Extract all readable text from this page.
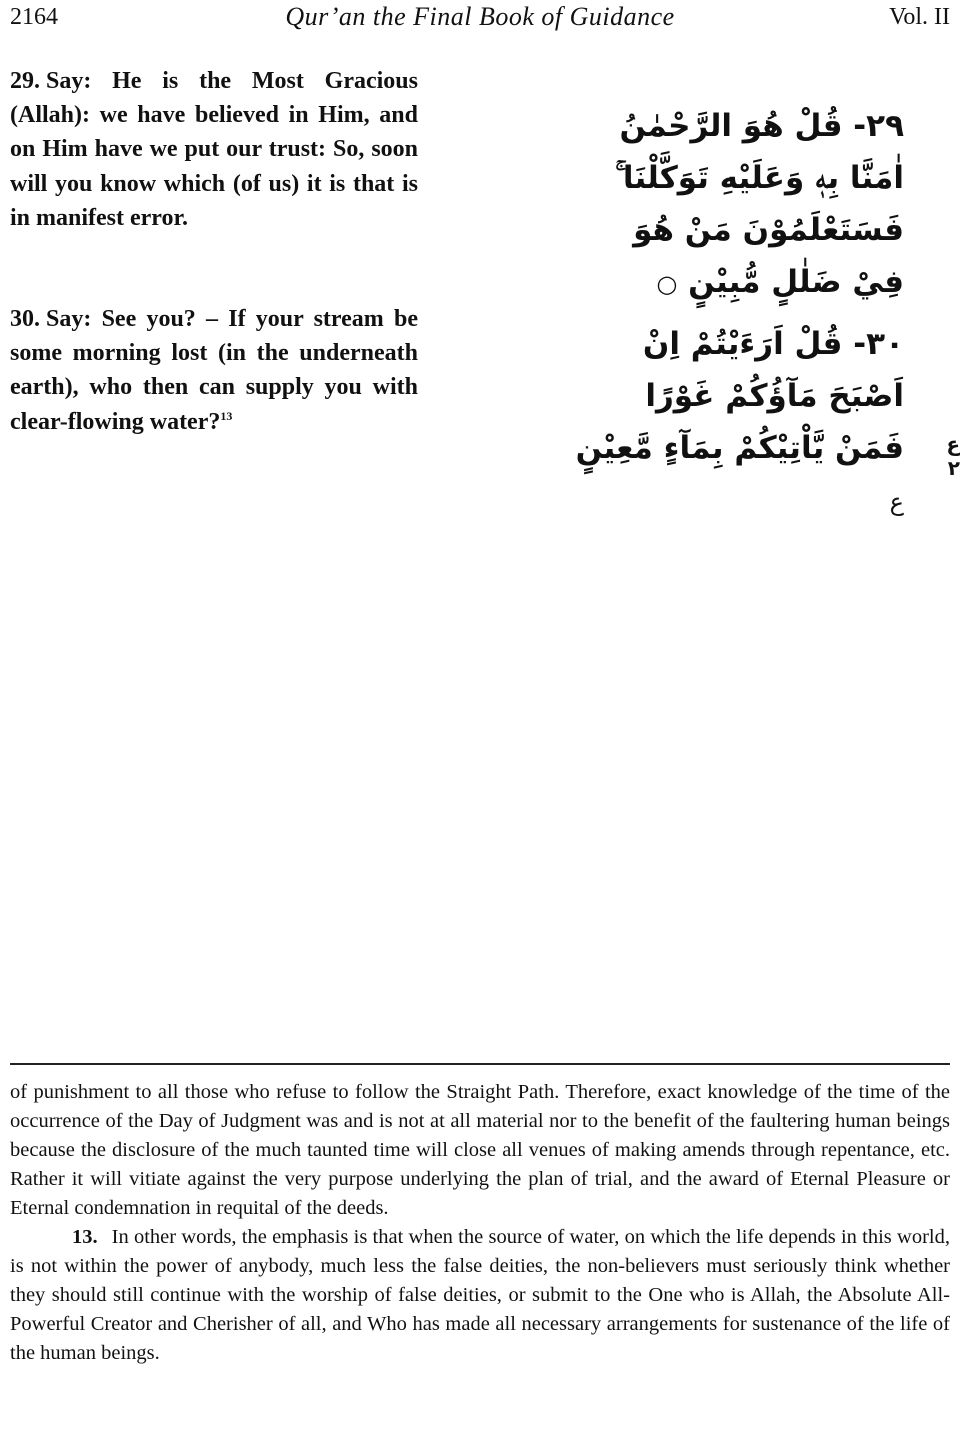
2164	Qur’an the Final Book of Guidance	Vol. II
29. Say: He is the Most Gracious (Allah): we have believed in Him, and on Him have we put our trust: So, soon will you know which (of us) it is that is in manifest error.
٢٩- قُلْ هُوَ الرَّحْمٰنُ اٰمَنَّا بِهٖ وَعَلَيْهِ تَوَكَّلْنَا ۚ فَسَتَعْلَمُوْنَ مَنْ هُوَ فِيْ ضَلٰلٍ مُّبِيْنٍ ○
30. Say: See you? – If your stream be some morning lost (in the underneath earth), who then can supply you with clear-flowing water?$^{13}$
٣٠- قُلْ اَرَءَيْتُمْ اِنْ اَصْبَحَ مَآؤُكُمْ غَوْرًا فَمَنْ يَّاْتِيْكُمْ بِمَآءٍ مَّعِيْنٍ ع
ع ۲

of punishment to all those who refuse to follow the Straight Path. Therefore, exact knowledge of the time of the occurrence of the Day of Judgment was and is not at all material nor to the benefit of the faultering human beings because the disclosure of the much taunted time will close all venues of making amends through repentance, etc. Rather it will vitiate against the very purpose underlying the plan of trial, and the award of Eternal Pleasure or Eternal condemnation in requital of the deeds.

13. In other words, the emphasis is that when the source of water, on which the life depends in this world, is not within the power of anybody, much less the false deities, the non-believers must seriously think whether they should still continue with the worship of false deities, or submit to the One who is Allah, the Absolute All-Powerful Creator and Cherisher of all, and Who has made all necessary arrangements for sustenance of the life of the human beings.
